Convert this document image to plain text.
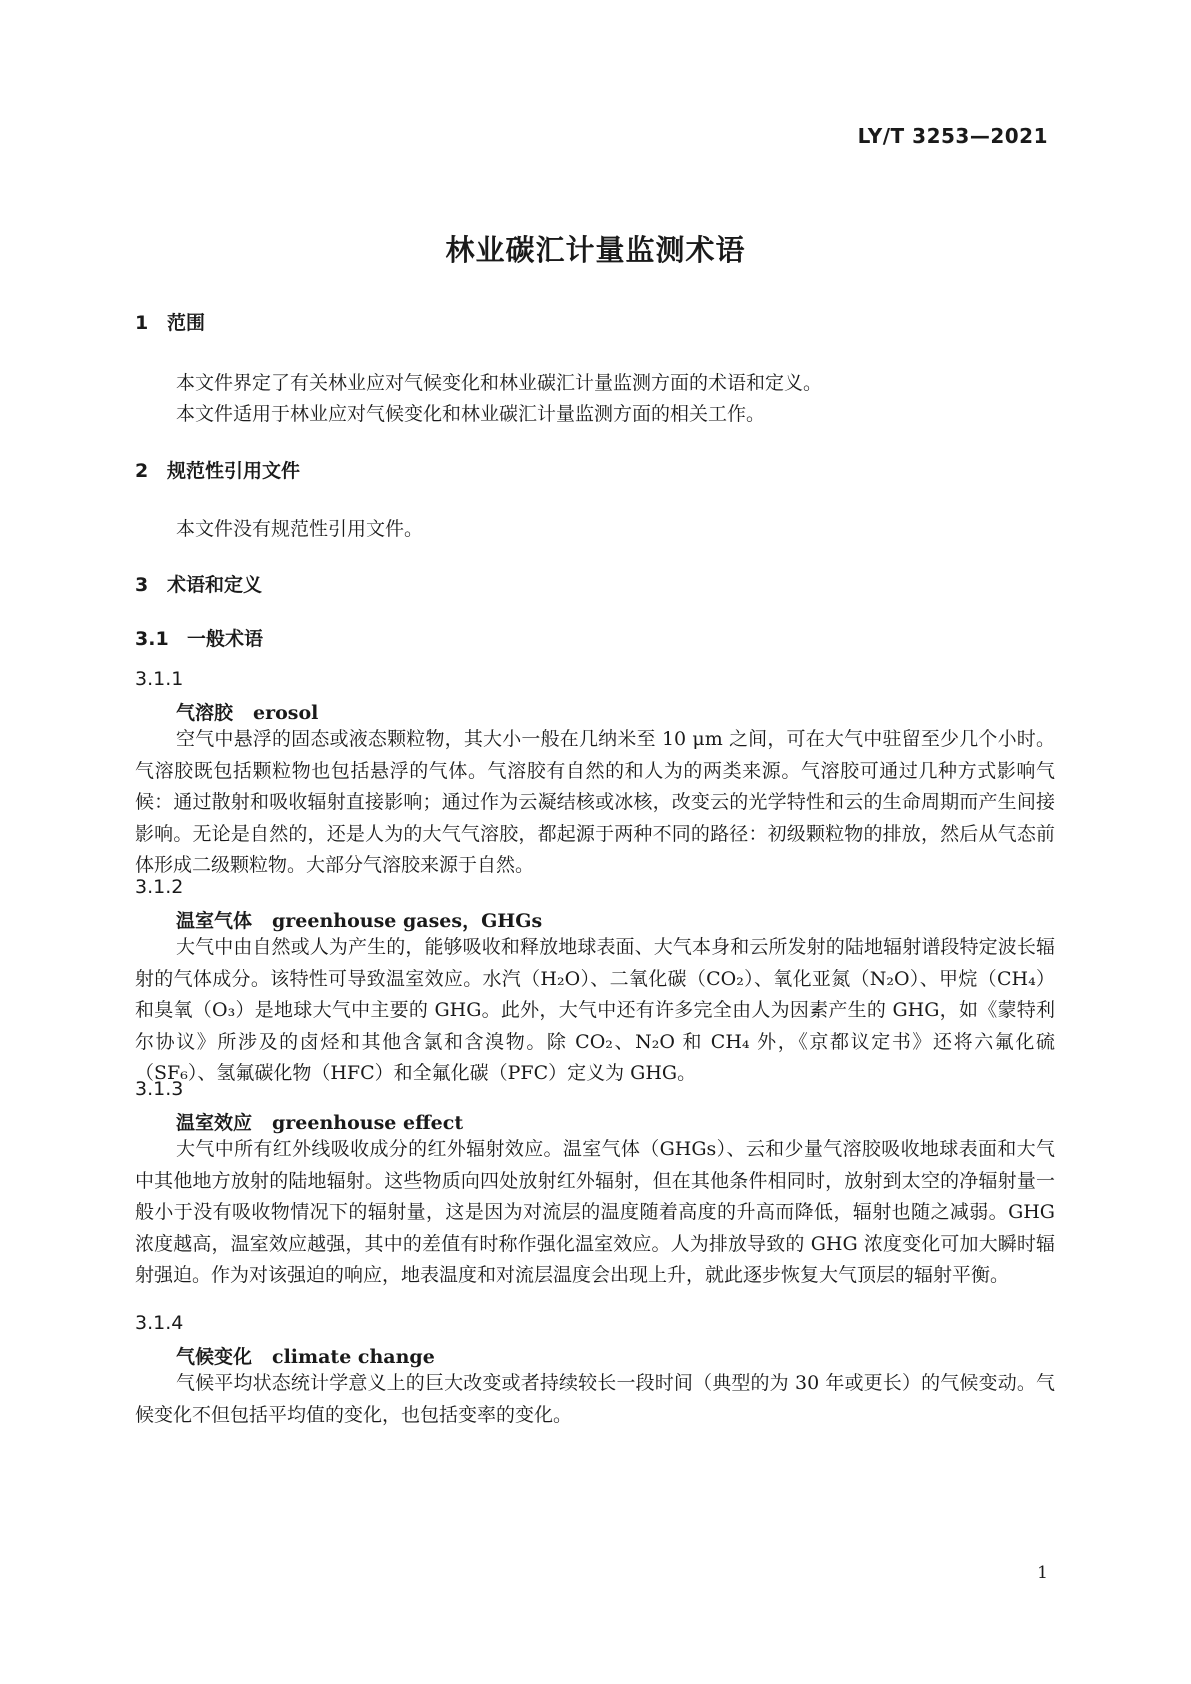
LY/T 3253—2021
林业碳汇计量监测术语
1 范围
本文件界定了有关林业应对气候变化和林业碳汇计量监测方面的术语和定义。
本文件适用于林业应对气候变化和林业碳汇计量监测方面的相关工作。
2 规范性引用文件
本文件没有规范性引用文件。
3 术语和定义
3.1 一般术语
3.1.1
气溶胶 erosol
空气中悬浮的固态或液态颗粒物，其大小一般在几纳米至 10 μm 之间，可在大气中驻留至少几个小时。气溶胶既包括颗粒物也包括悬浮的气体。气溶胶有自然的和人为的两类来源。气溶胶可通过几种方式影响气候：通过散射和吸收辐射直接影响；通过作为云凝结核或冰核，改变云的光学特性和云的生命周期而产生间接影响。无论是自然的，还是人为的大气气溶胶，都起源于两种不同的路径：初级颗粒物的排放，然后从气态前体形成二级颗粒物。大部分气溶胶来源于自然。
3.1.2
温室气体 greenhouse gases，GHGs
大气中由自然或人为产生的，能够吸收和释放地球表面、大气本身和云所发射的陆地辐射谱段特定波长辐射的气体成分。该特性可导致温室效应。水汽（H₂O）、二氧化碳（CO₂）、氧化亚氮（N₂O）、甲烷（CH₄）和臭氧（O₃）是地球大气中主要的 GHG。此外，大气中还有许多完全由人为因素产生的 GHG，如《蒙特利尔协议》所涉及的卤烃和其他含氯和含溴物。除 CO₂、N₂O 和 CH₄ 外，《京都议定书》还将六氟化硫（SF₆）、氢氟碳化物（HFC）和全氟化碳（PFC）定义为 GHG。
3.1.3
温室效应 greenhouse effect
大气中所有红外线吸收成分的红外辐射效应。温室气体（GHGs）、云和少量气溶胶吸收地球表面和大气中其他地方放射的陆地辐射。这些物质向四处放射红外辐射，但在其他条件相同时，放射到太空的净辐射量一般小于没有吸收物情况下的辐射量，这是因为对流层的温度随着高度的升高而降低，辐射也随之减弱。GHG 浓度越高，温室效应越强，其中的差值有时称作强化温室效应。人为排放导致的 GHG 浓度变化可加大瞬时辐射强迫。作为对该强迫的响应，地表温度和对流层温度会出现上升，就此逐步恢复大气顶层的辐射平衡。
3.1.4
气候变化 climate change
气候平均状态统计学意义上的巨大改变或者持续较长一段时间（典型的为 30 年或更长）的气候变动。气候变化不但包括平均值的变化，也包括变率的变化。
1
